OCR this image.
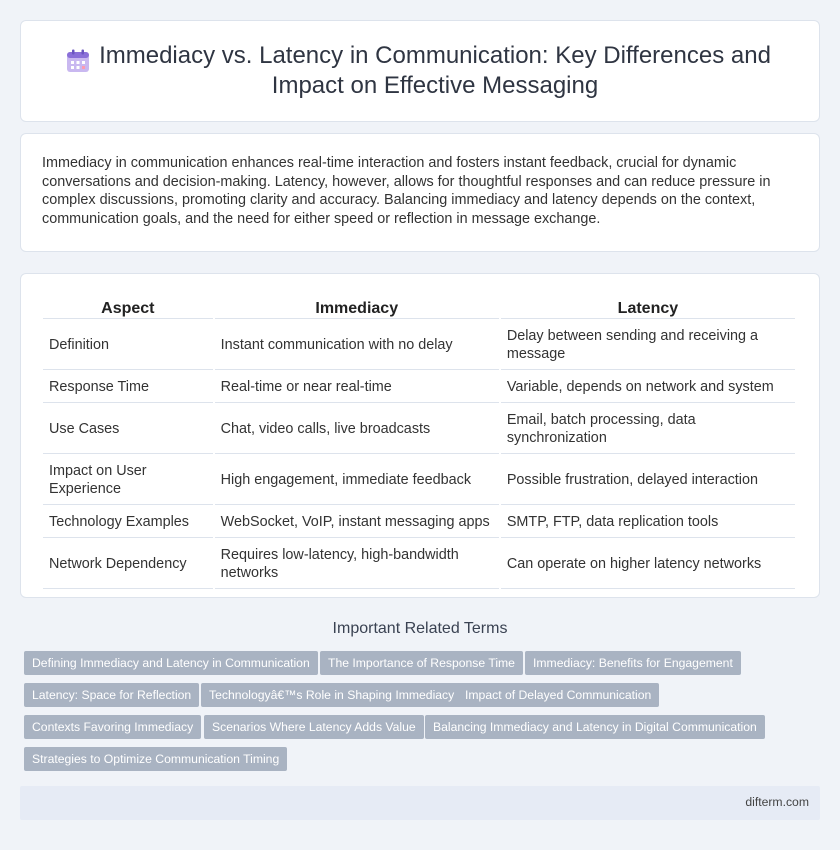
Immediacy vs. Latency in Communication: Key Differences and Impact on Effective Messaging

Immediacy in communication enhances real-time interaction and fosters instant feedback, crucial for dynamic conversations and decision-making. Latency, however, allows for thoughtful responses and can reduce pressure in complex discussions, promoting clarity and accuracy. Balancing immediacy and latency depends on the context, communication goals, and the need for either speed or reflection in message exchange.

Aspect	Immediacy	Latency
Definition	Instant communication with no delay	Delay between sending and receiving a message
Response Time	Real-time or near real-time	Variable, depends on network and system
Use Cases	Chat, video calls, live broadcasts	Email, batch processing, data synchronization
Impact on User Experience	High engagement, immediate feedback	Possible frustration, delayed interaction
Technology Examples	WebSocket, VoIP, instant messaging apps	SMTP, FTP, data replication tools
Network Dependency	Requires low-latency, high-bandwidth networks	Can operate on higher latency networks
Important Related Terms
Defining Immediacy and Latency in Communication	The Importance of Response Time	Immediacy: Benefits for Engagement
Latency: Space for Reflection	Technologyâ€™s Role in Shaping Immediacy Impact of Delayed Communication
Contexts Favoring Immediacy	Scenarios Where Latency Adds Value	Balancing Immediacy and Latency in Digital Communication
Strategies to Optimize Communication Timing
difterm.com
